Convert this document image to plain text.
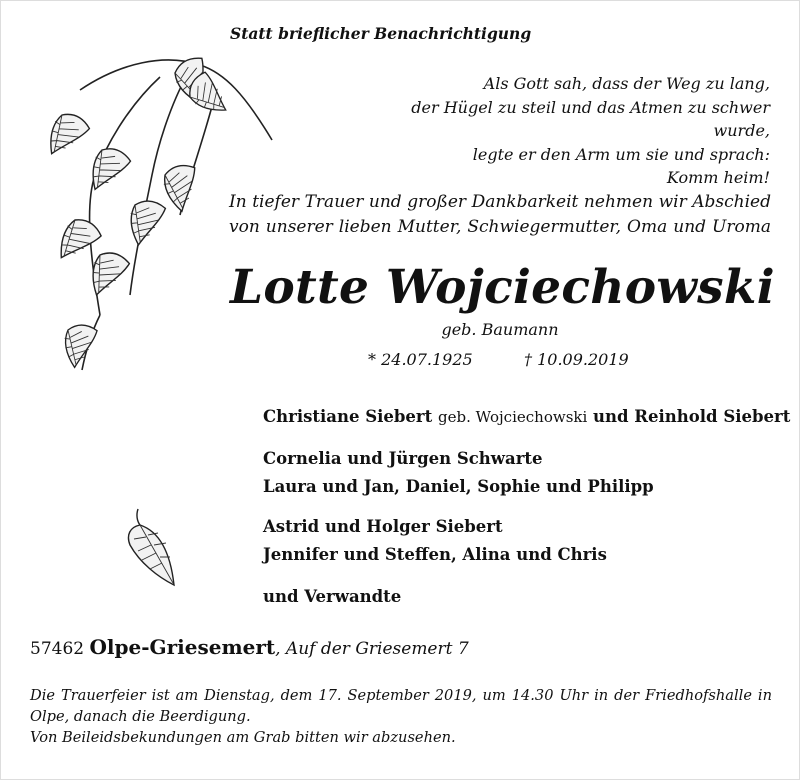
Statt brieflicher Benachrichtigung
Als Gott sah, dass der Weg zu lang,
der Hügel zu steil und das Atmen zu schwer wurde,
legte er den Arm um sie und sprach:
Komm heim!
In tiefer Trauer und großer Dankbarkeit nehmen wir Abschied
von unserer lieben Mutter, Schwiegermutter, Oma und Uroma
Lotte Wojciechowski
geb. Baumann
* 24.07.1925	† 10.09.2019
Christiane Siebert geb. Wojciechowski und Reinhold Siebert
Cornelia und Jürgen Schwarte
Laura und Jan, Daniel, Sophie und Philipp
Astrid und Holger Siebert
Jennifer und Steffen, Alina und Chris
und Verwandte
57462 Olpe-Griesemert, Auf der Griesemert 7
Die Trauerfeier ist am Dienstag, dem 17. September 2019, um 14.30 Uhr in der Friedhofshalle in Olpe, danach die Beerdigung.
Von Beileidsbekundungen am Grab bitten wir abzusehen.
